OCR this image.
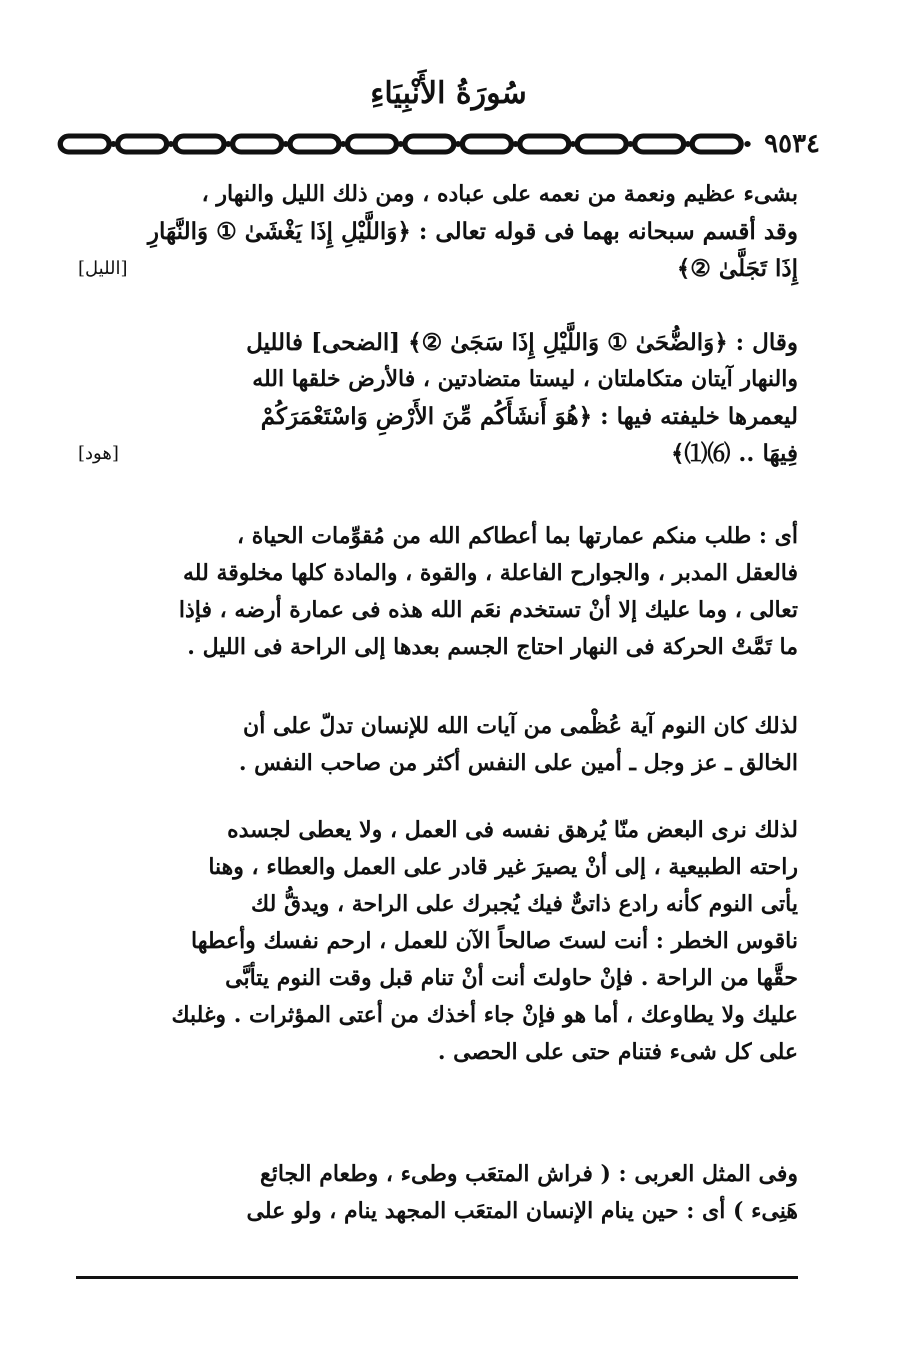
سُورَةُ الأَنْبِيَاءِ
٩٥٣٤

بشىء عظيم ونعمة من نعمه على عباده ، ومن ذلك الليل والنهار ،

وقد أقسم سبحانه بهما فى قوله تعالى : ﴿وَاللَّيْلِ إِذَا يَغْشَىٰ ① وَالنَّهَارِ

إِذَا تَجَلَّىٰ ②﴾
[الليل]

وقال : ﴿وَالضُّحَىٰ ① وَاللَّيْلِ إِذَا سَجَىٰ ②﴾ [الضحى] فالليل

والنهار آيتان متكاملتان ، ليستا متضادتين ، فالأرض خلقها الله

ليعمرها خليفته فيها : ﴿هُوَ أَنشَأَكُم مِّنَ الأَرْضِ وَاسْتَعْمَرَكُمْ

فِيهَا .. ⑹⑴﴾
[هود]

أى : طلب منكم عمارتها بما أعطاكم الله من مُقوِّمات الحياة ،

فالعقل المدبر ، والجوارح الفاعلة ، والقوة ، والمادة كلها مخلوقة لله

تعالى ، وما عليك إلا أنْ تستخدم نعَم الله هذه فى عمارة أرضه ، فإذا

ما تَمَّتْ الحركة فى النهار احتاج الجسم بعدها إلى الراحة فى الليل .

لذلك كان النوم آية عُظْمى من آيات الله للإنسان تدلّ على أن

الخالق ـ عز وجل ـ أمين على النفس أكثر من صاحب النفس .

لذلك نرى البعض منّا يُرهق نفسه فى العمل ، ولا يعطى لجسده

راحته الطبيعية ، إلى أنْ يصيرَ غير قادر على العمل والعطاء ، وهنا

يأتى النوم كأنه رادع ذاتىٌّ فيك يُجبرك على الراحة ، ويدقُّ لك

ناقوس الخطر : أنت لستَ صالحاً الآن للعمل ، ارحم نفسك وأعطها

حقَّها من الراحة . فإنْ حاولتَ أنت أنْ تنام قبل وقت النوم يتأبَّى

عليك ولا يطاوعك ، أما هو فإنْ جاء أخذك من أعتى المؤثرات . وغلبك

على كل شىء فتنام حتى على الحصى .

وفى المثل العربى : ( فراش المتعَب وطىء ، وطعام الجائع

هَنِىء ) أى : حين ينام الإنسان المتعَب المجهد ينام ، ولو على
